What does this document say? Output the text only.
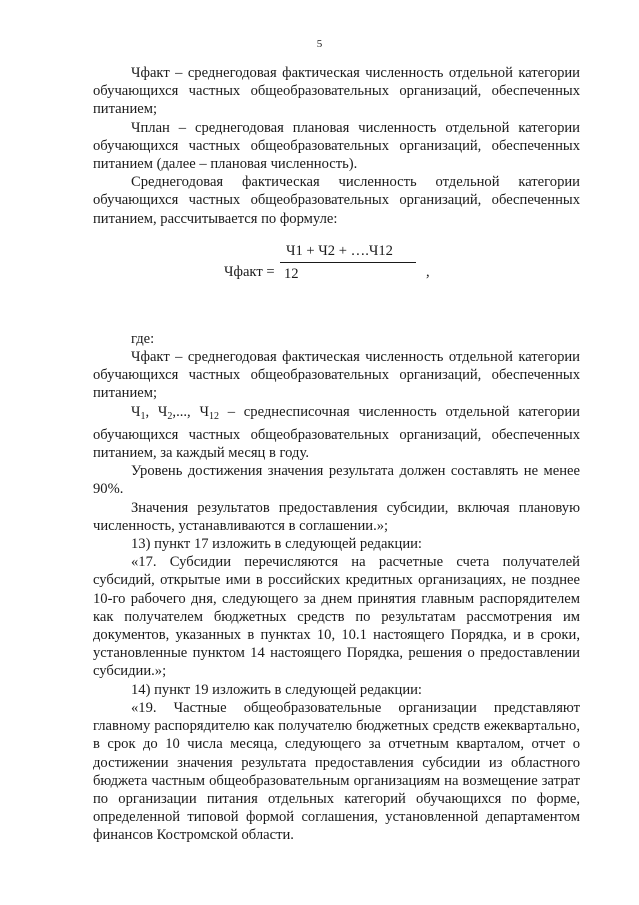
5

Чфакт – среднегодовая фактическая численность отдельной категории обучающихся частных общеобразовательных организаций, обеспеченных питанием;

Чплан – среднегодовая плановая численность отдельной категории обучающихся частных общеобразовательных организаций, обеспеченных питанием (далее – плановая численность).

Среднегодовая фактическая численность отдельной категории обучающихся частных общеобразовательных организаций, обеспеченных питанием, рассчитывается по формуле:

Чфакт =
Ч1 + Ч2 + ….Ч12
12	,

где:

Чфакт – среднегодовая фактическая численность отдельной категории обучающихся частных общеобразовательных организаций, обеспеченных питанием;

$Ч_1$, $Ч_2$,..., $Ч_{12}$ – среднесписочная численность отдельной категории обучающихся частных общеобразовательных организаций, обеспеченных питанием, за каждый месяц в году.

Уровень достижения значения результата должен составлять не менее 90%.

Значения результатов предоставления субсидии, включая плановую численность, устанавливаются в соглашении.»;

13) пункт 17 изложить в следующей редакции:

«17. Субсидии перечисляются на расчетные счета получателей субсидий, открытые ими в российских кредитных организациях, не позднее 10-го рабочего дня, следующего за днем принятия главным распорядителем как получателем бюджетных средств по результатам рассмотрения им документов, указанных в пунктах 10, 10.1 настоящего Порядка, и в сроки, установленные пунктом 14 настоящего Порядка, решения о предоставлении субсидии.»;

14) пункт 19 изложить в следующей редакции:

«19. Частные общеобразовательные организации представляют главному распорядителю как получателю бюджетных средств ежеквартально, в срок до 10 числа месяца, следующего за отчетным кварталом, отчет о достижении значения результата предоставления субсидии из областного бюджета частным общеобразовательным организациям на возмещение затрат по организации питания отдельных категорий обучающихся по форме, определенной типовой формой соглашения, установленной департаментом финансов Костромской области.
